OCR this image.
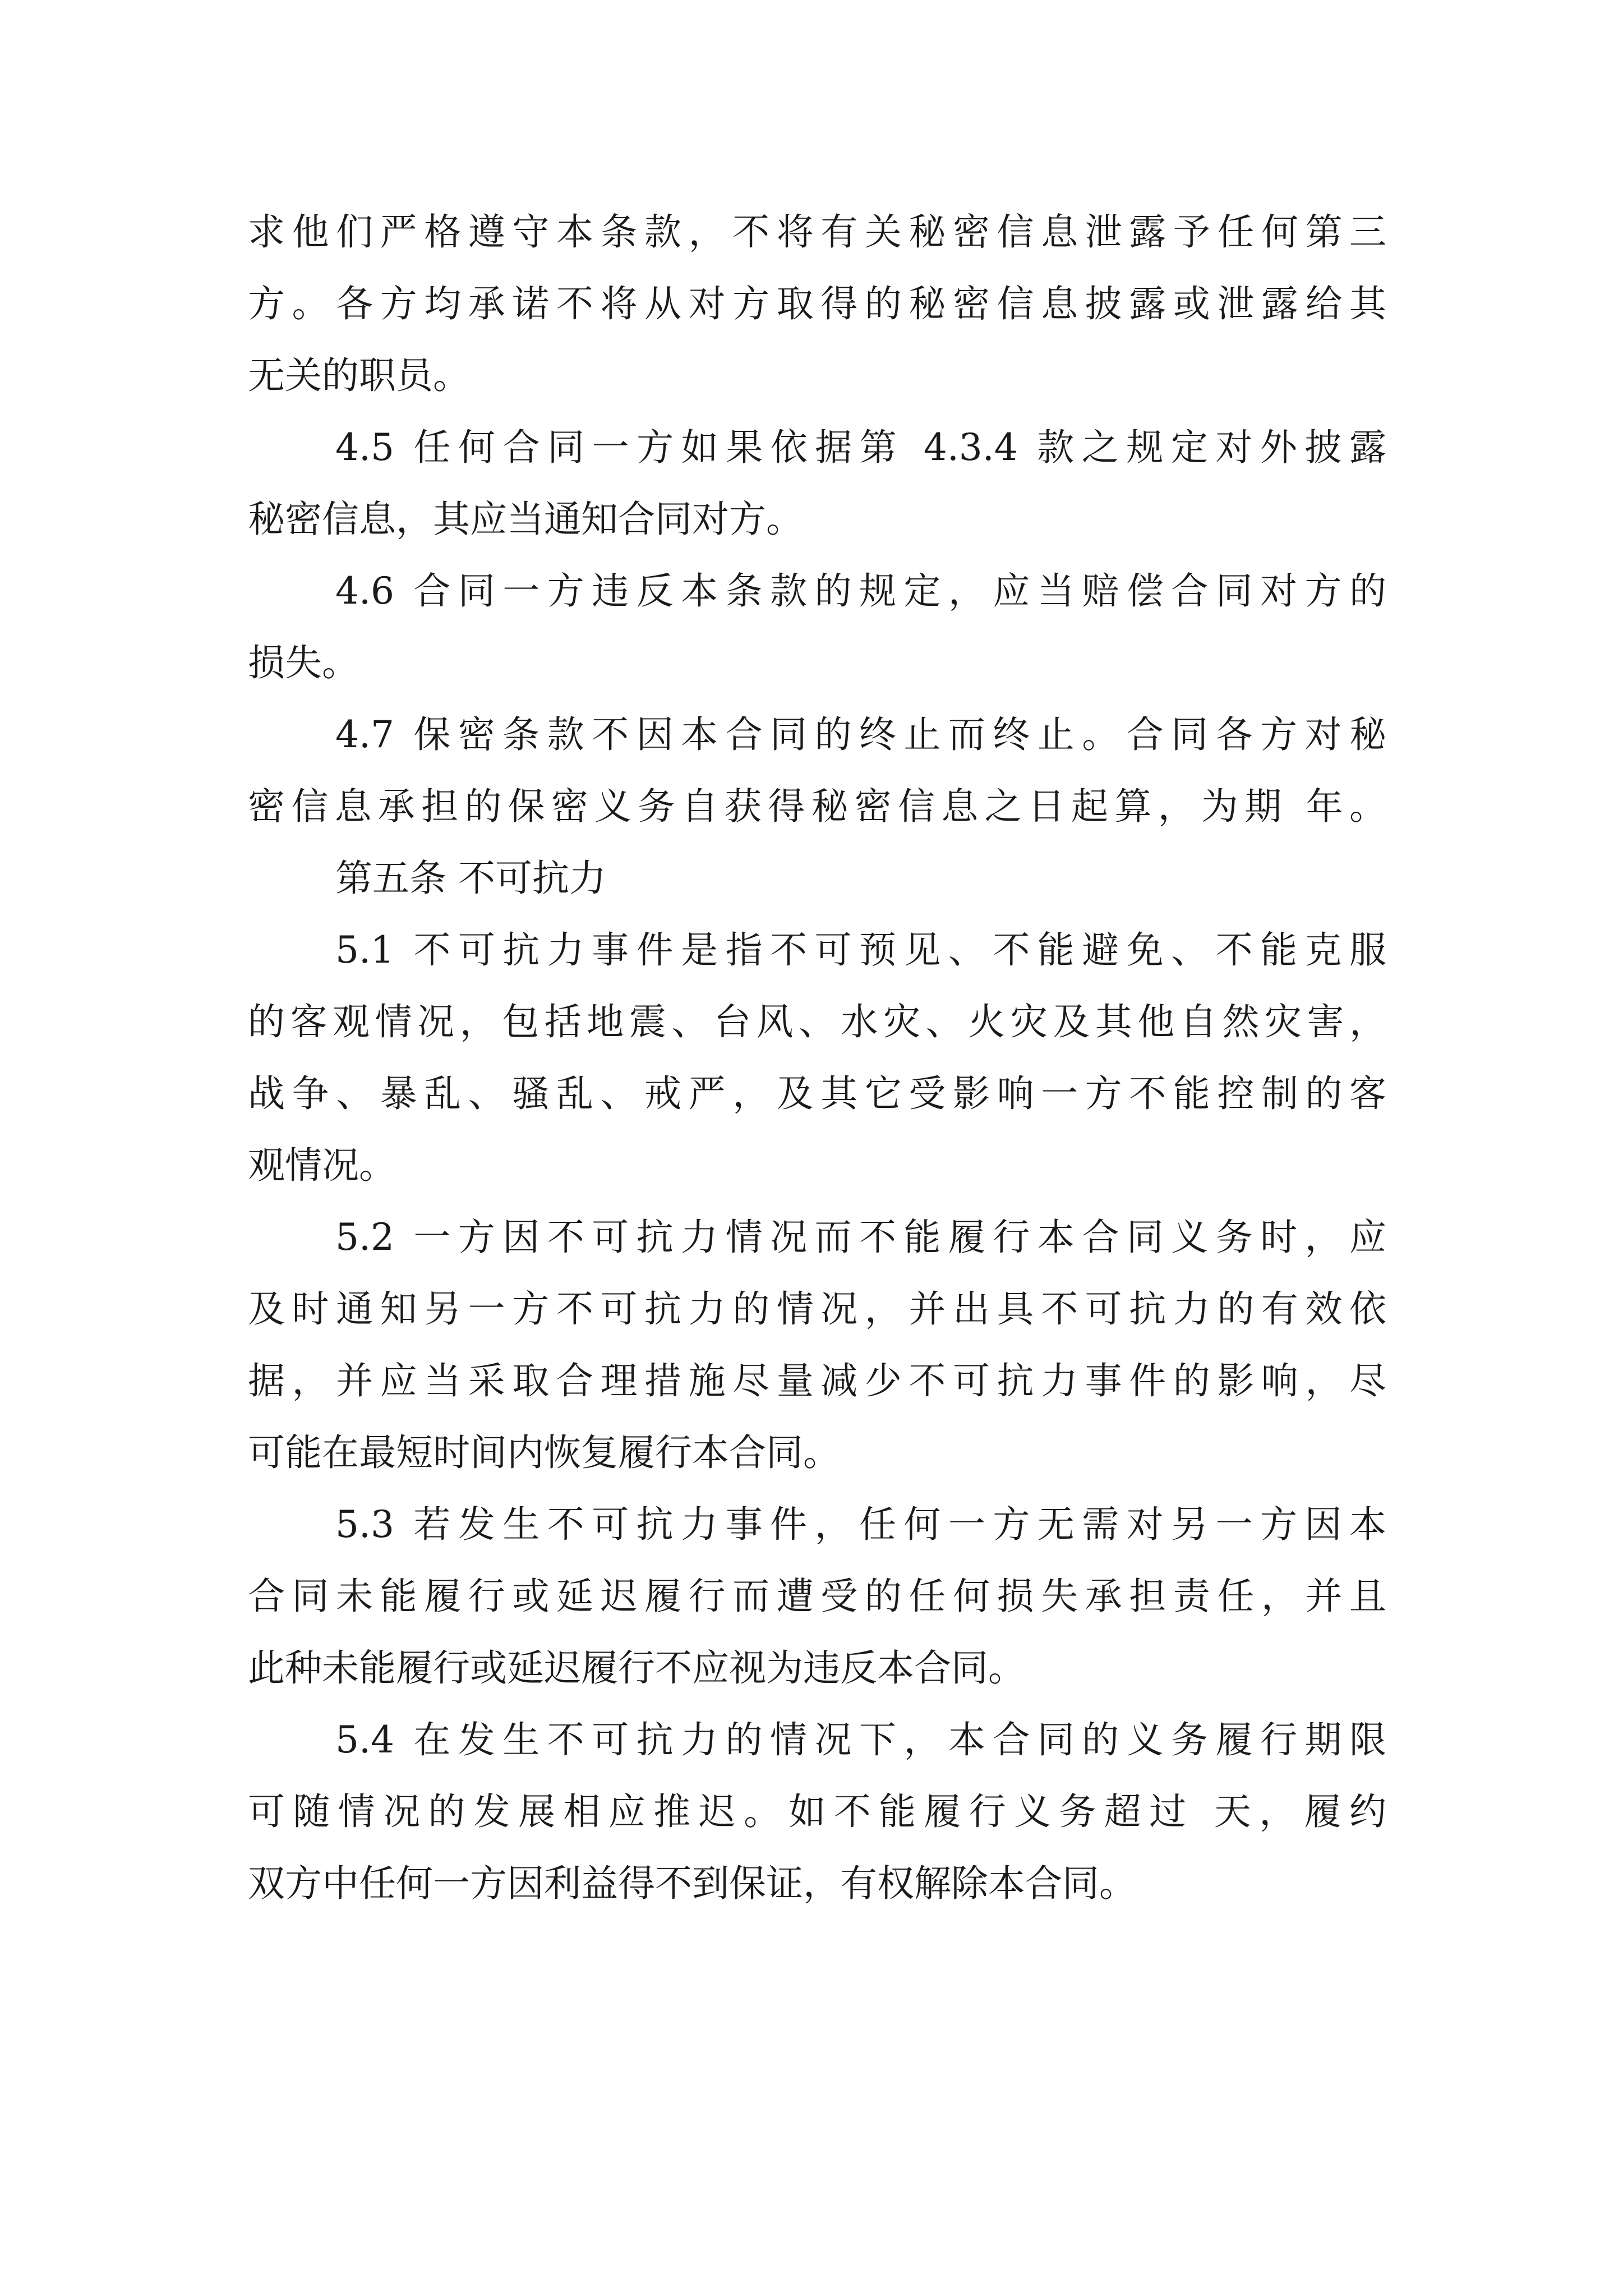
求他们严格遵守本条款，不将有关秘密信息泄露予任何第三
方。各方均承诺不将从对方取得的秘密信息披露或泄露给其
无关的职员。
4.5 任何合同一方如果依据第 4.3.4 款之规定对外披露
秘密信息，其应当通知合同对方。
4.6 合同一方违反本条款的规定，应当赔偿合同对方的
损失。
4.7 保密条款不因本合同的终止而终止。合同各方对秘
密信息承担的保密义务自获得秘密信息之日起算，为期 年。
第五条 不可抗力
5.1 不可抗力事件是指不可预见、不能避免、不能克服
的客观情况，包括地震、台风、水灾、火灾及其他自然灾害，
战争、暴乱、骚乱、戒严，及其它受影响一方不能控制的客
观情况。
5.2 一方因不可抗力情况而不能履行本合同义务时，应
及时通知另一方不可抗力的情况，并出具不可抗力的有效依
据，并应当采取合理措施尽量减少不可抗力事件的影响，尽
可能在最短时间内恢复履行本合同。
5.3 若发生不可抗力事件，任何一方无需对另一方因本
合同未能履行或延迟履行而遭受的任何损失承担责任，并且
此种未能履行或延迟履行不应视为违反本合同。
5.4 在发生不可抗力的情况下，本合同的义务履行期限
可随情况的发展相应推迟。如不能履行义务超过 天，履约
双方中任何一方因利益得不到保证，有权解除本合同。
